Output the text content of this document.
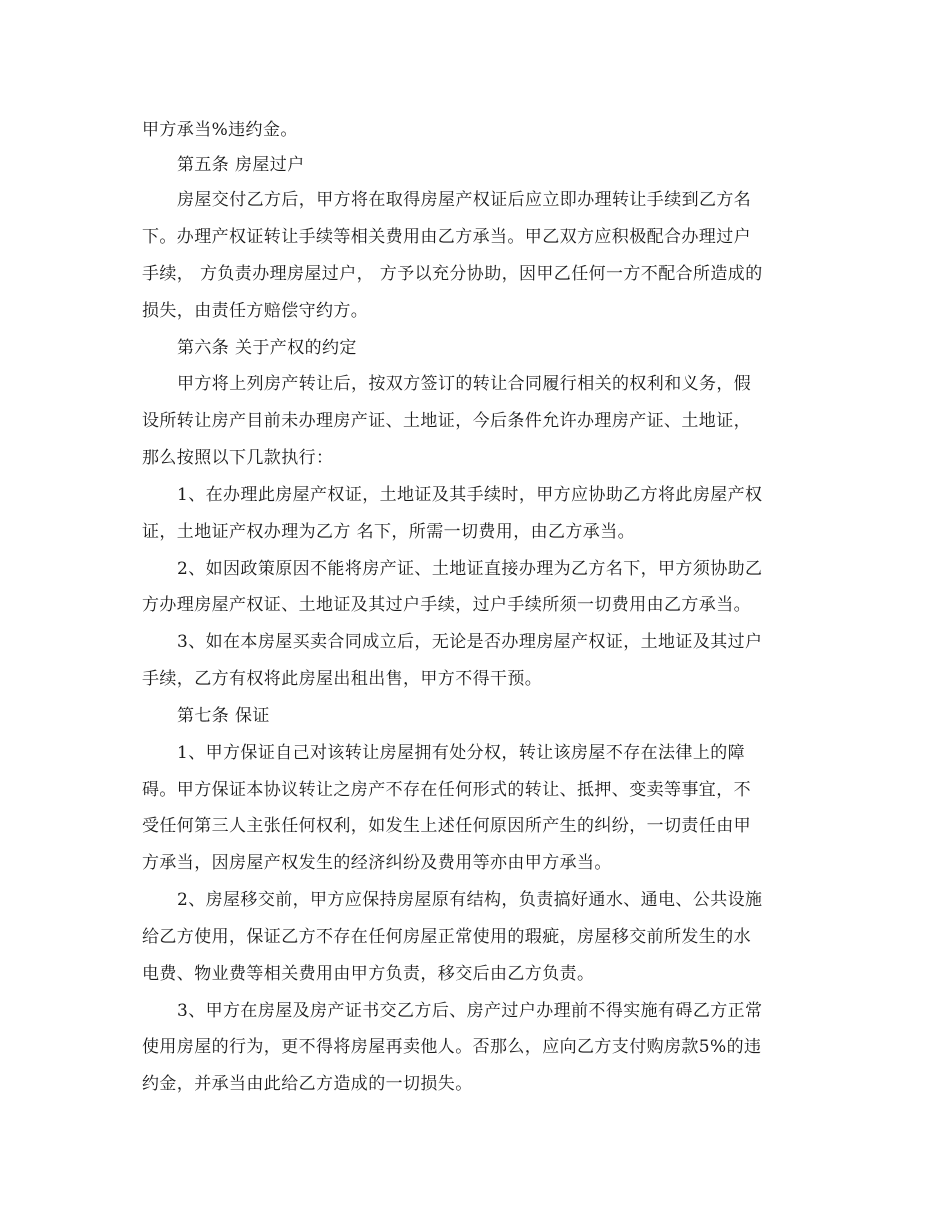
甲方承当%违约金。

第五条 房屋过户

房屋交付乙方后，甲方将在取得房屋产权证后应立即办理转让手续到乙方名

下。办理产权证转让手续等相关费用由乙方承当。甲乙双方应积极配合办理过户

手续， 方负责办理房屋过户， 方予以充分协助，因甲乙任何一方不配合所造成的

损失，由责任方赔偿守约方。

第六条 关于产权的约定

甲方将上列房产转让后，按双方签订的转让合同履行相关的权利和义务，假

设所转让房产目前未办理房产证、土地证，今后条件允许办理房产证、土地证，

那么按照以下几款执行：

1、在办理此房屋产权证，土地证及其手续时，甲方应协助乙方将此房屋产权

证，土地证产权办理为乙方 名下，所需一切费用，由乙方承当。

2、如因政策原因不能将房产证、土地证直接办理为乙方名下，甲方须协助乙

方办理房屋产权证、土地证及其过户手续，过户手续所须一切费用由乙方承当。

3、如在本房屋买卖合同成立后，无论是否办理房屋产权证，土地证及其过户

手续，乙方有权将此房屋出租出售，甲方不得干预。

第七条 保证

1、甲方保证自己对该转让房屋拥有处分权，转让该房屋不存在法律上的障

碍。甲方保证本协议转让之房产不存在任何形式的转让、抵押、变卖等事宜，不

受任何第三人主张任何权利，如发生上述任何原因所产生的纠纷，一切责任由甲

方承当，因房屋产权发生的经济纠纷及费用等亦由甲方承当。

2、房屋移交前，甲方应保持房屋原有结构，负责搞好通水、通电、公共设施

给乙方使用，保证乙方不存在任何房屋正常使用的瑕疵，房屋移交前所发生的水

电费、物业费等相关费用由甲方负责，移交后由乙方负责。

3、甲方在房屋及房产证书交乙方后、房产过户办理前不得实施有碍乙方正常

使用房屋的行为，更不得将房屋再卖他人。否那么，应向乙方支付购房款5%的违

约金，并承当由此给乙方造成的一切损失。
